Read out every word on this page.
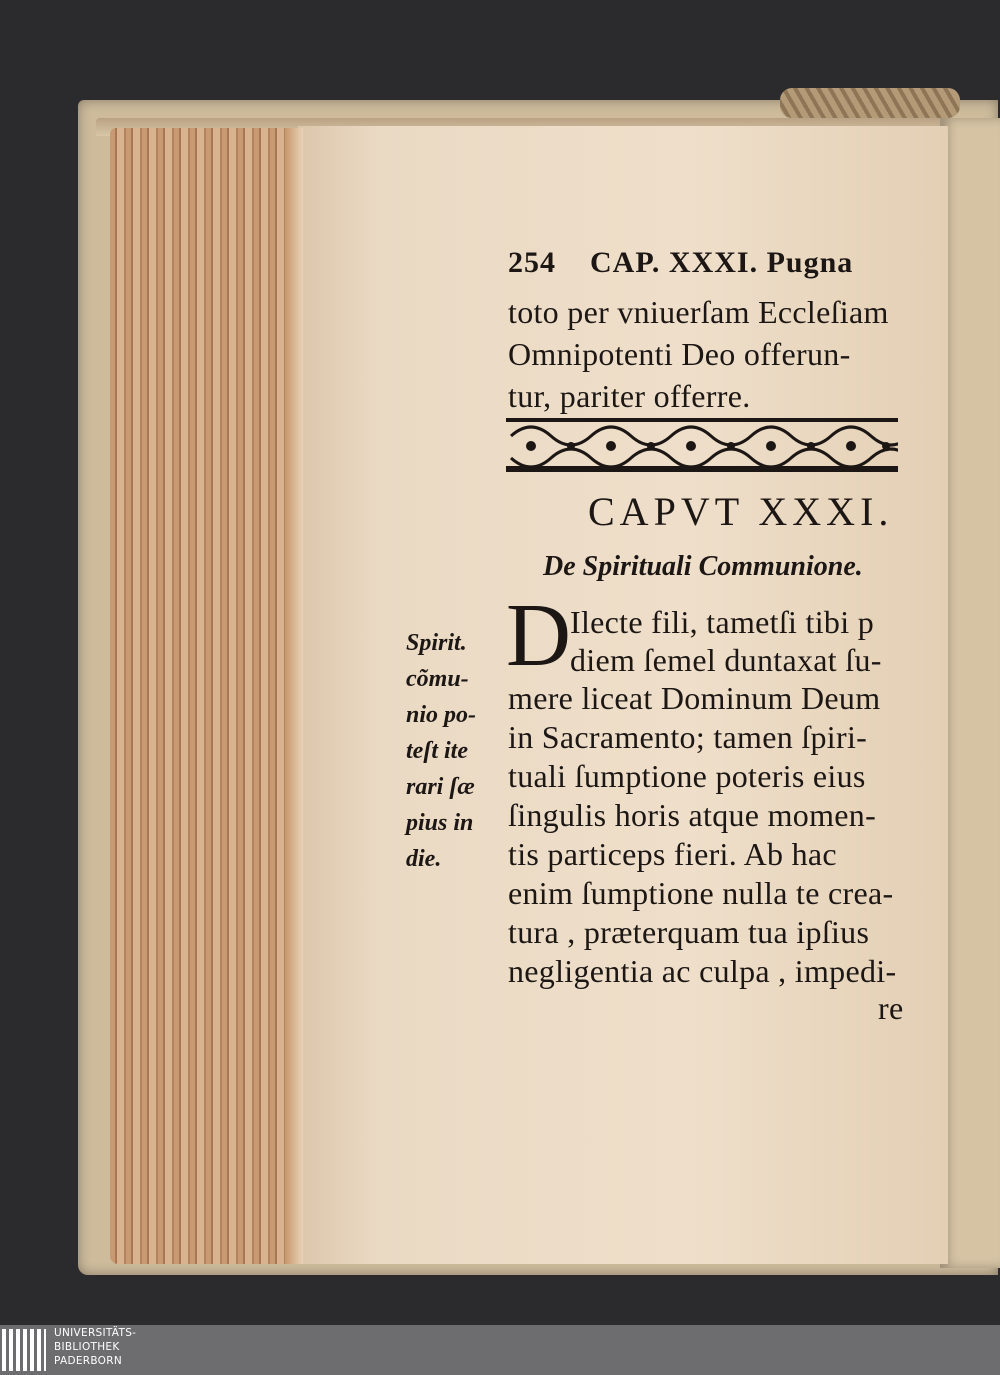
254 CAP. XXXI. Pugna
toto per vniuerſam Eccleſiam
Omnipotenti Deo offerun-
tur, pariter offerre.
CAPVT XXXI.
De Spirituali Communione.
D Ilecte fili, tametſi tibi p
diem ſemel duntaxat ſu-
mere liceat Dominum Deum
in Sacramento; tamen ſpiri-
tuali ſumptione poteris eius
ſingulis horis atque momen-
tis particeps fieri. Ab hac
enim ſumptione nulla te crea-
tura , præterquam tua ipſius
negligentia ac culpa , impedi-
re
Spirit.
cõmu-
nio po-
teſt ite
rari ſæ
pius in
die.
UNIVERSITÄTS-
BIBLIOTHEK
PADERBORN
